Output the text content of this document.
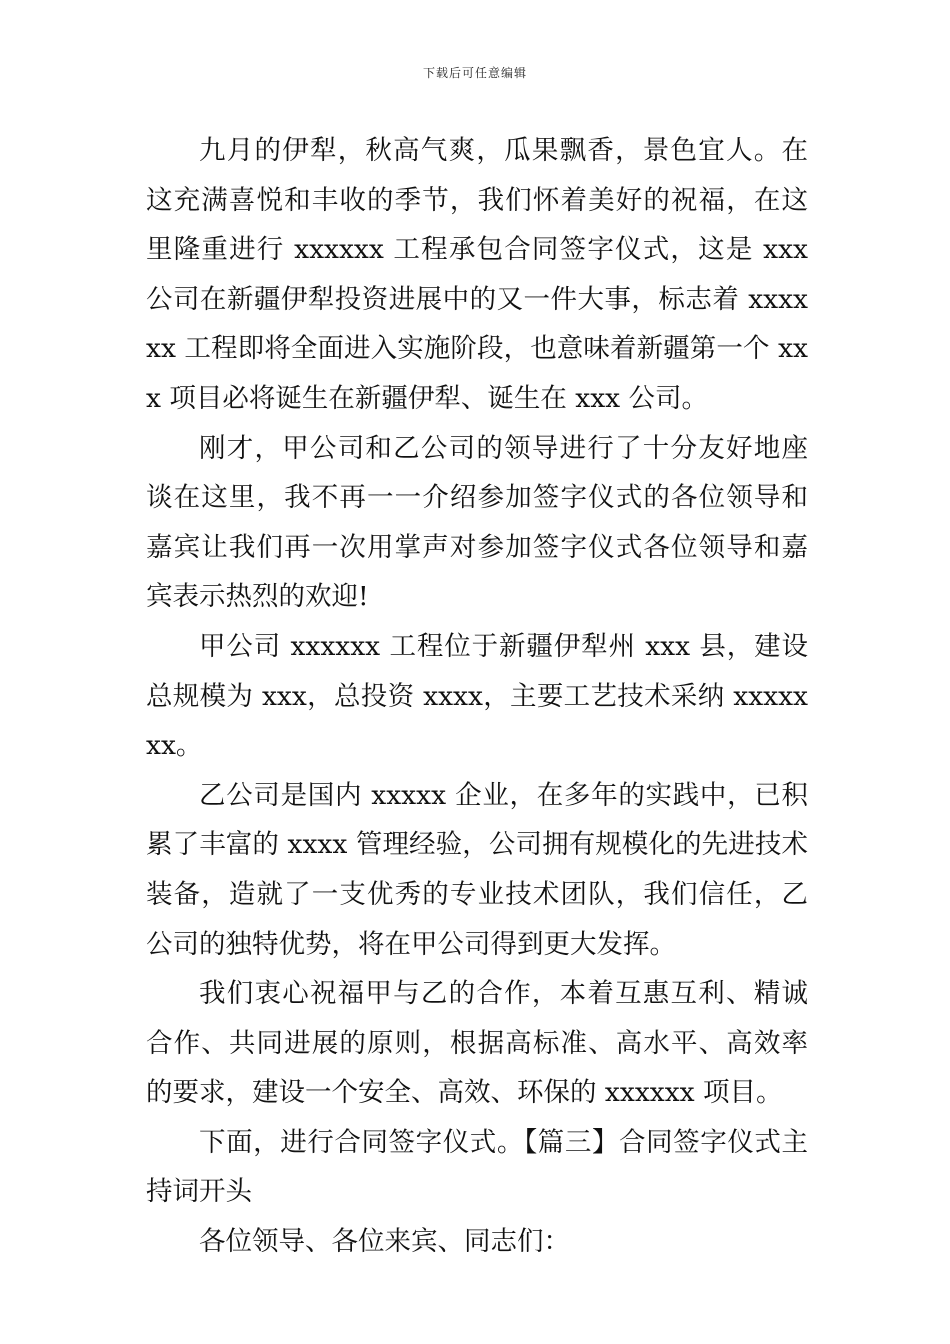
下载后可任意编辑

九月的伊犁，秋高气爽，瓜果飘香，景色宜人。在这充满喜悦和丰收的季节，我们怀着美好的祝福，在这里隆重进行 xxxxxx 工程承包合同签字仪式，这是 xxx 公司在新疆伊犁投资进展中的又一件大事，标志着 xxxxxx 工程即将全面进入实施阶段，也意味着新疆第一个 xxx 项目必将诞生在新疆伊犁、诞生在 xxx 公司。

刚才，甲公司和乙公司的领导进行了十分友好地座谈在这里，我不再一一介绍参加签字仪式的各位领导和嘉宾让我们再一次用掌声对参加签字仪式各位领导和嘉宾表示热烈的欢迎!

甲公司 xxxxxx 工程位于新疆伊犁州 xxx 县，建设总规模为 xxx，总投资 xxxx，主要工艺技术采纳 xxxxxxx。

乙公司是国内 xxxxx 企业，在多年的实践中，已积累了丰富的 xxxx 管理经验，公司拥有规模化的先进技术装备，造就了一支优秀的专业技术团队，我们信任，乙公司的独特优势，将在甲公司得到更大发挥。

我们衷心祝福甲与乙的合作，本着互惠互利、精诚合作、共同进展的原则，根据高标准、高水平、高效率的要求，建设一个安全、高效、环保的 xxxxxx 项目。

下面，进行合同签字仪式。【篇三】合同签字仪式主持词开头

各位领导、各位来宾、同志们：
